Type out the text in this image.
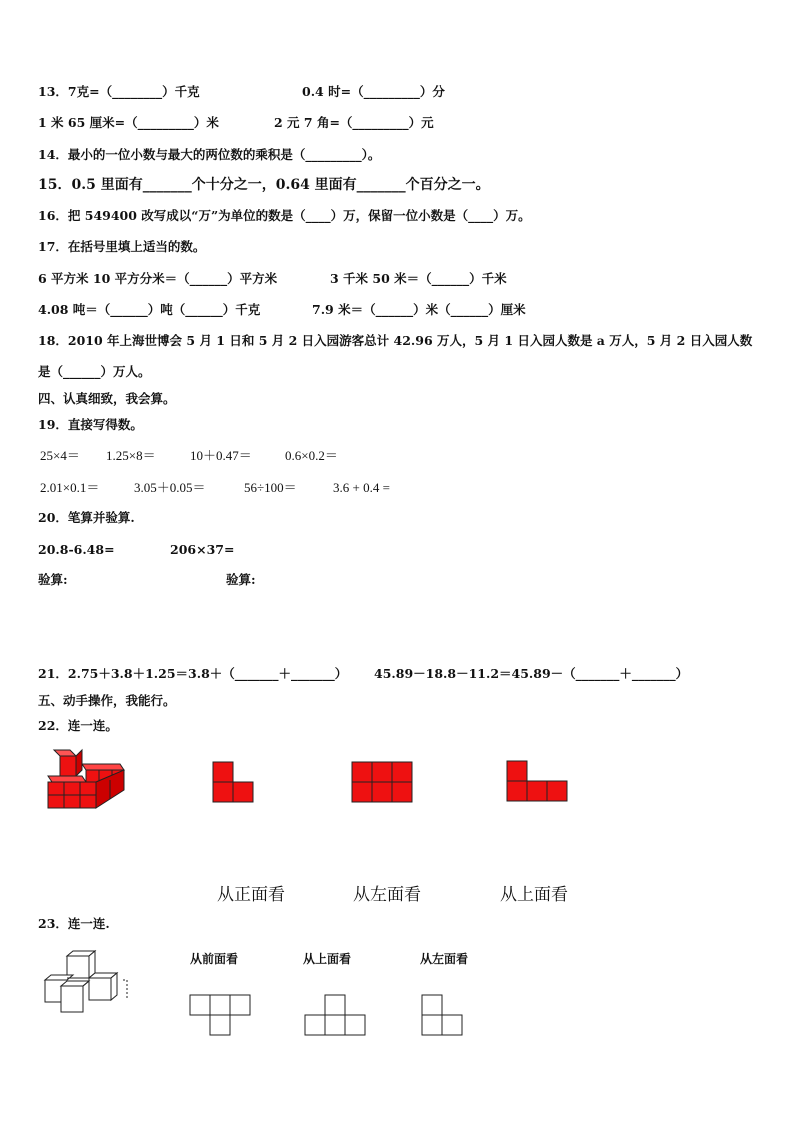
13．7克=（________）千克	0.4 时=（_________）分
1 米 65 厘米=（_________）米	2 元 7 角=（_________）元
14．最小的一位小数与最大的两位数的乘积是（_________）。
15．0.5 里面有_______个十分之一，0.64 里面有_______个百分之一。
16．把 549400 改写成以“万”为单位的数是（____）万，保留一位小数是（____）万。
17．在括号里填上适当的数。
6 平方米 10 平方分米＝（______）平方米	3 千米 50 米＝（______）千米
4.08 吨＝（______）吨（______）千克	7.9 米＝（______）米（______）厘米
18．2010 年上海世博会 5 月 1 日和 5 月 2 日入园游客总计 42.96 万人，5 月 1 日入园人数是 a 万人，5 月 2 日入园人数
是（______）万人。
四、认真细致，我会算。
19．直接写得数。
25×4＝ 1.25×8＝	10＋0.47＝	0.6×0.2＝
2.01×0.1＝	3.05＋0.05＝	56÷100＝	3.6 + 0.4 =
20．笔算并验算.
20.8-6.48=	206×37=
验算:	验算:
21．2.75＋3.8＋1.25＝3.8＋（_______＋_______） 45.89－18.8－11.2＝45.89－（_______＋_______）
五、动手操作，我能行。
22．连一连。
从正面看	从左面看	从上面看
23．连一连.
从前面看	从上面看	从左面看
